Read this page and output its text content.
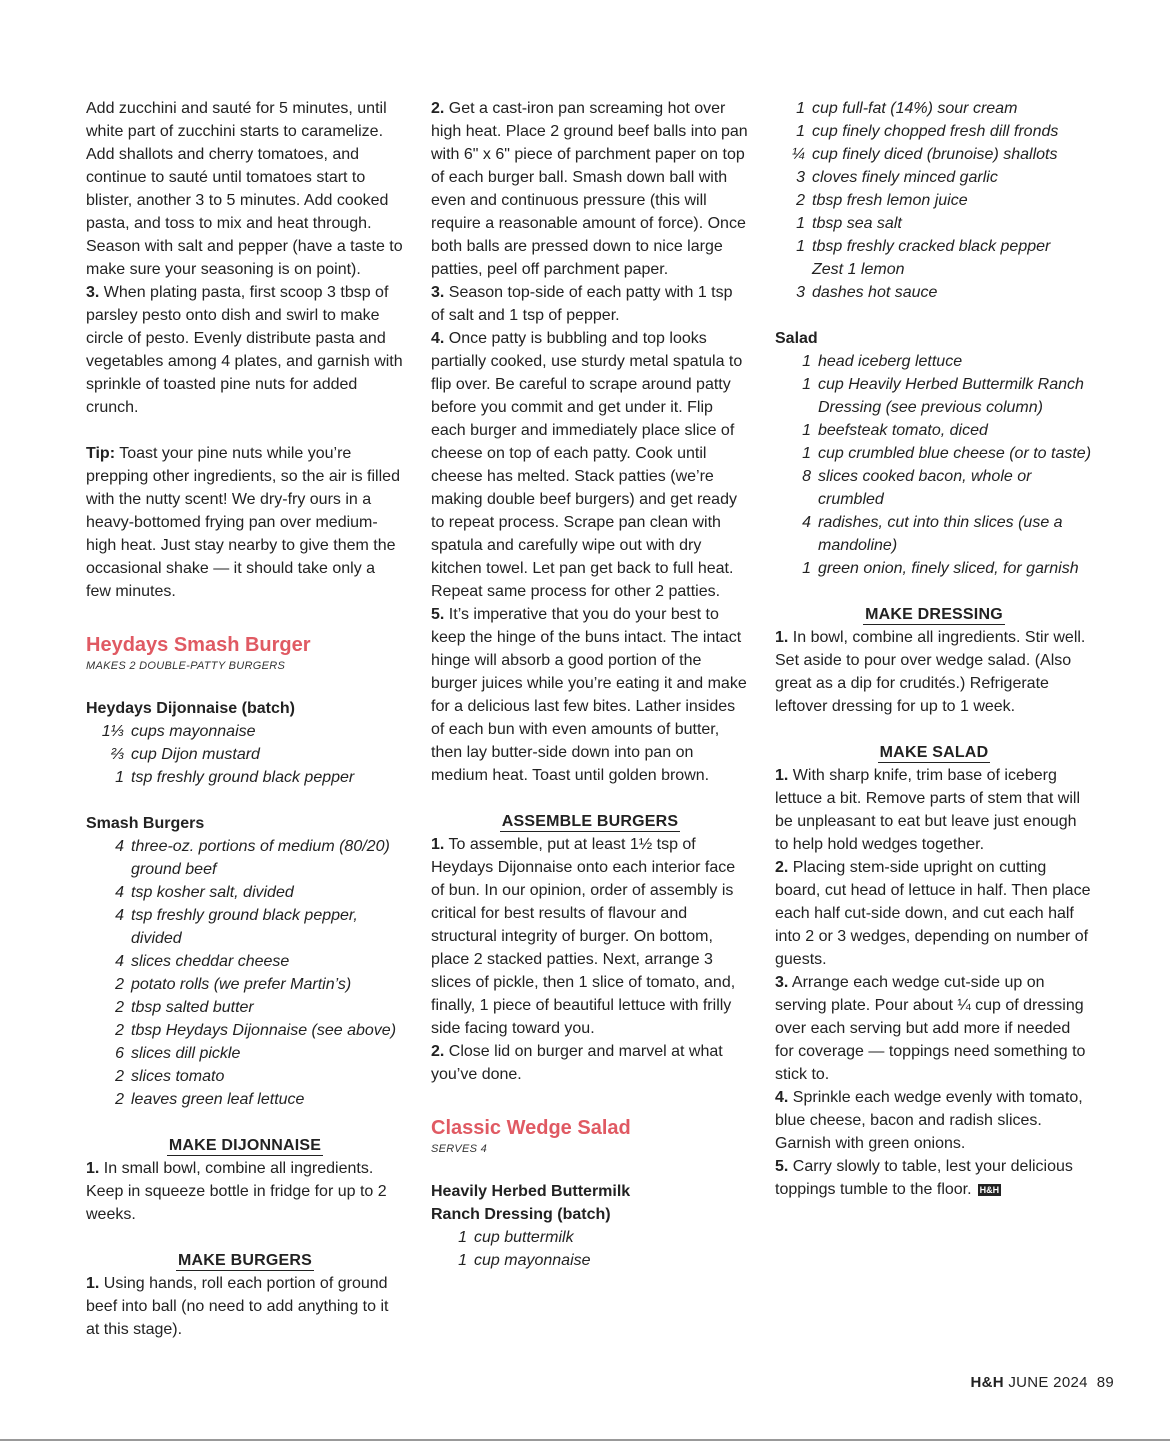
Add zucchini and sauté for 5 minutes, until white part of zucchini starts to caramelize. Add shallots and cherry tomatoes, and continue to sauté until tomatoes start to blister, another 3 to 5 minutes. Add cooked pasta, and toss to mix and heat through. Season with salt and pepper (have a taste to make sure your seasoning is on point).

3. When plating pasta, first scoop 3 tbsp of parsley pesto onto dish and swirl to make circle of pesto. Evenly distribute pasta and vegetables among 4 plates, and garnish with sprinkle of toasted pine nuts for added crunch.

Tip: Toast your pine nuts while you’re prepping other ingredients, so the air is filled with the nutty scent! We dry-fry ours in a heavy-bottomed frying pan over medium-high heat. Just stay nearby to give them the occasional shake — it should take only a few minutes.

Heydays Smash Burger
MAKES 2 DOUBLE-PATTY BURGERS
Heydays Dijonnaise (batch)
1⅓ cups mayonnaise
⅔ cup Dijon mustard
1 tsp freshly ground black pepper
Smash Burgers
4 three-oz. portions of medium (80/20) ground beef
4 tsp kosher salt, divided
4 tsp freshly ground black pepper, divided
4 slices cheddar cheese
2 potato rolls (we prefer Martin’s)
2 tbsp salted butter
2 tbsp Heydays Dijonnaise (see above)
6 slices dill pickle
2 slices tomato
2 leaves green leaf lettuce
MAKE DIJONNAISE

1. In small bowl, combine all ingredients. Keep in squeeze bottle in fridge for up to 2 weeks.

MAKE BURGERS

1. Using hands, roll each portion of ground beef into ball (no need to add anything to it at this stage).

2. Get a cast-iron pan screaming hot over high heat. Place 2 ground beef balls into pan with 6" x 6" piece of parchment paper on top of each burger ball. Smash down ball with even and continuous pressure (this will require a reasonable amount of force). Once both balls are pressed down to nice large patties, peel off parchment paper.

3. Season top-side of each patty with 1 tsp of salt and 1 tsp of pepper.

4. Once patty is bubbling and top looks partially cooked, use sturdy metal spatula to flip over. Be careful to scrape around patty before you commit and get under it. Flip each burger and immediately place slice of cheese on top of each patty. Cook until cheese has melted. Stack patties (we’re making double beef burgers) and get ready to repeat process. Scrape pan clean with spatula and carefully wipe out with dry kitchen towel. Let pan get back to full heat. Repeat same process for other 2 patties.

5. It’s imperative that you do your best to keep the hinge of the buns intact. The intact hinge will absorb a good portion of the burger juices while you’re eating it and make for a delicious last few bites. Lather insides of each bun with even amounts of butter, then lay butter-side down into pan on medium heat. Toast until golden brown.

ASSEMBLE BURGERS

1. To assemble, put at least 1½ tsp of Heydays Dijonnaise onto each interior face of bun. In our opinion, order of assembly is critical for best results of flavour and structural integrity of burger. On bottom, place 2 stacked patties. Next, arrange 3 slices of pickle, then 1 slice of tomato, and, finally, 1 piece of beautiful lettuce with frilly side facing toward you.

2. Close lid on burger and marvel at what you’ve done.

Classic Wedge Salad
SERVES 4
Heavily Herbed Buttermilk
Ranch Dressing (batch)
1 cup buttermilk
1 cup mayonnaise
1 cup full-fat (14%) sour cream
1 cup finely chopped fresh dill fronds
¼ cup finely diced (brunoise) shallots
3 cloves finely minced garlic
2 tbsp fresh lemon juice
1 tbsp sea salt
1 tbsp freshly cracked black pepper
Zest 1 lemon
3 dashes hot sauce
Salad
1 head iceberg lettuce
1 cup Heavily Herbed Buttermilk Ranch Dressing (see previous column)
1 beefsteak tomato, diced
1 cup crumbled blue cheese (or to taste)
8 slices cooked bacon, whole or crumbled
4 radishes, cut into thin slices (use a mandoline)
1 green onion, finely sliced, for garnish
MAKE DRESSING

1. In bowl, combine all ingredients. Stir well. Set aside to pour over wedge salad. (Also great as a dip for crudités.) Refrigerate leftover dressing for up to 1 week.

MAKE SALAD

1. With sharp knife, trim base of iceberg lettuce a bit. Remove parts of stem that will be unpleasant to eat but leave just enough to help hold wedges together.

2. Placing stem-side upright on cutting board, cut head of lettuce in half. Then place each half cut-side down, and cut each half into 2 or 3 wedges, depending on number of guests.

3. Arrange each wedge cut-side up on serving plate. Pour about ¼ cup of dressing over each serving but add more if needed for coverage — toppings need something to stick to.

4. Sprinkle each wedge evenly with tomato, blue cheese, bacon and radish slices. Garnish with green onions.

5. Carry slowly to table, lest your delicious toppings tumble to the floor. H&H

H&H JUNE 2024 89
